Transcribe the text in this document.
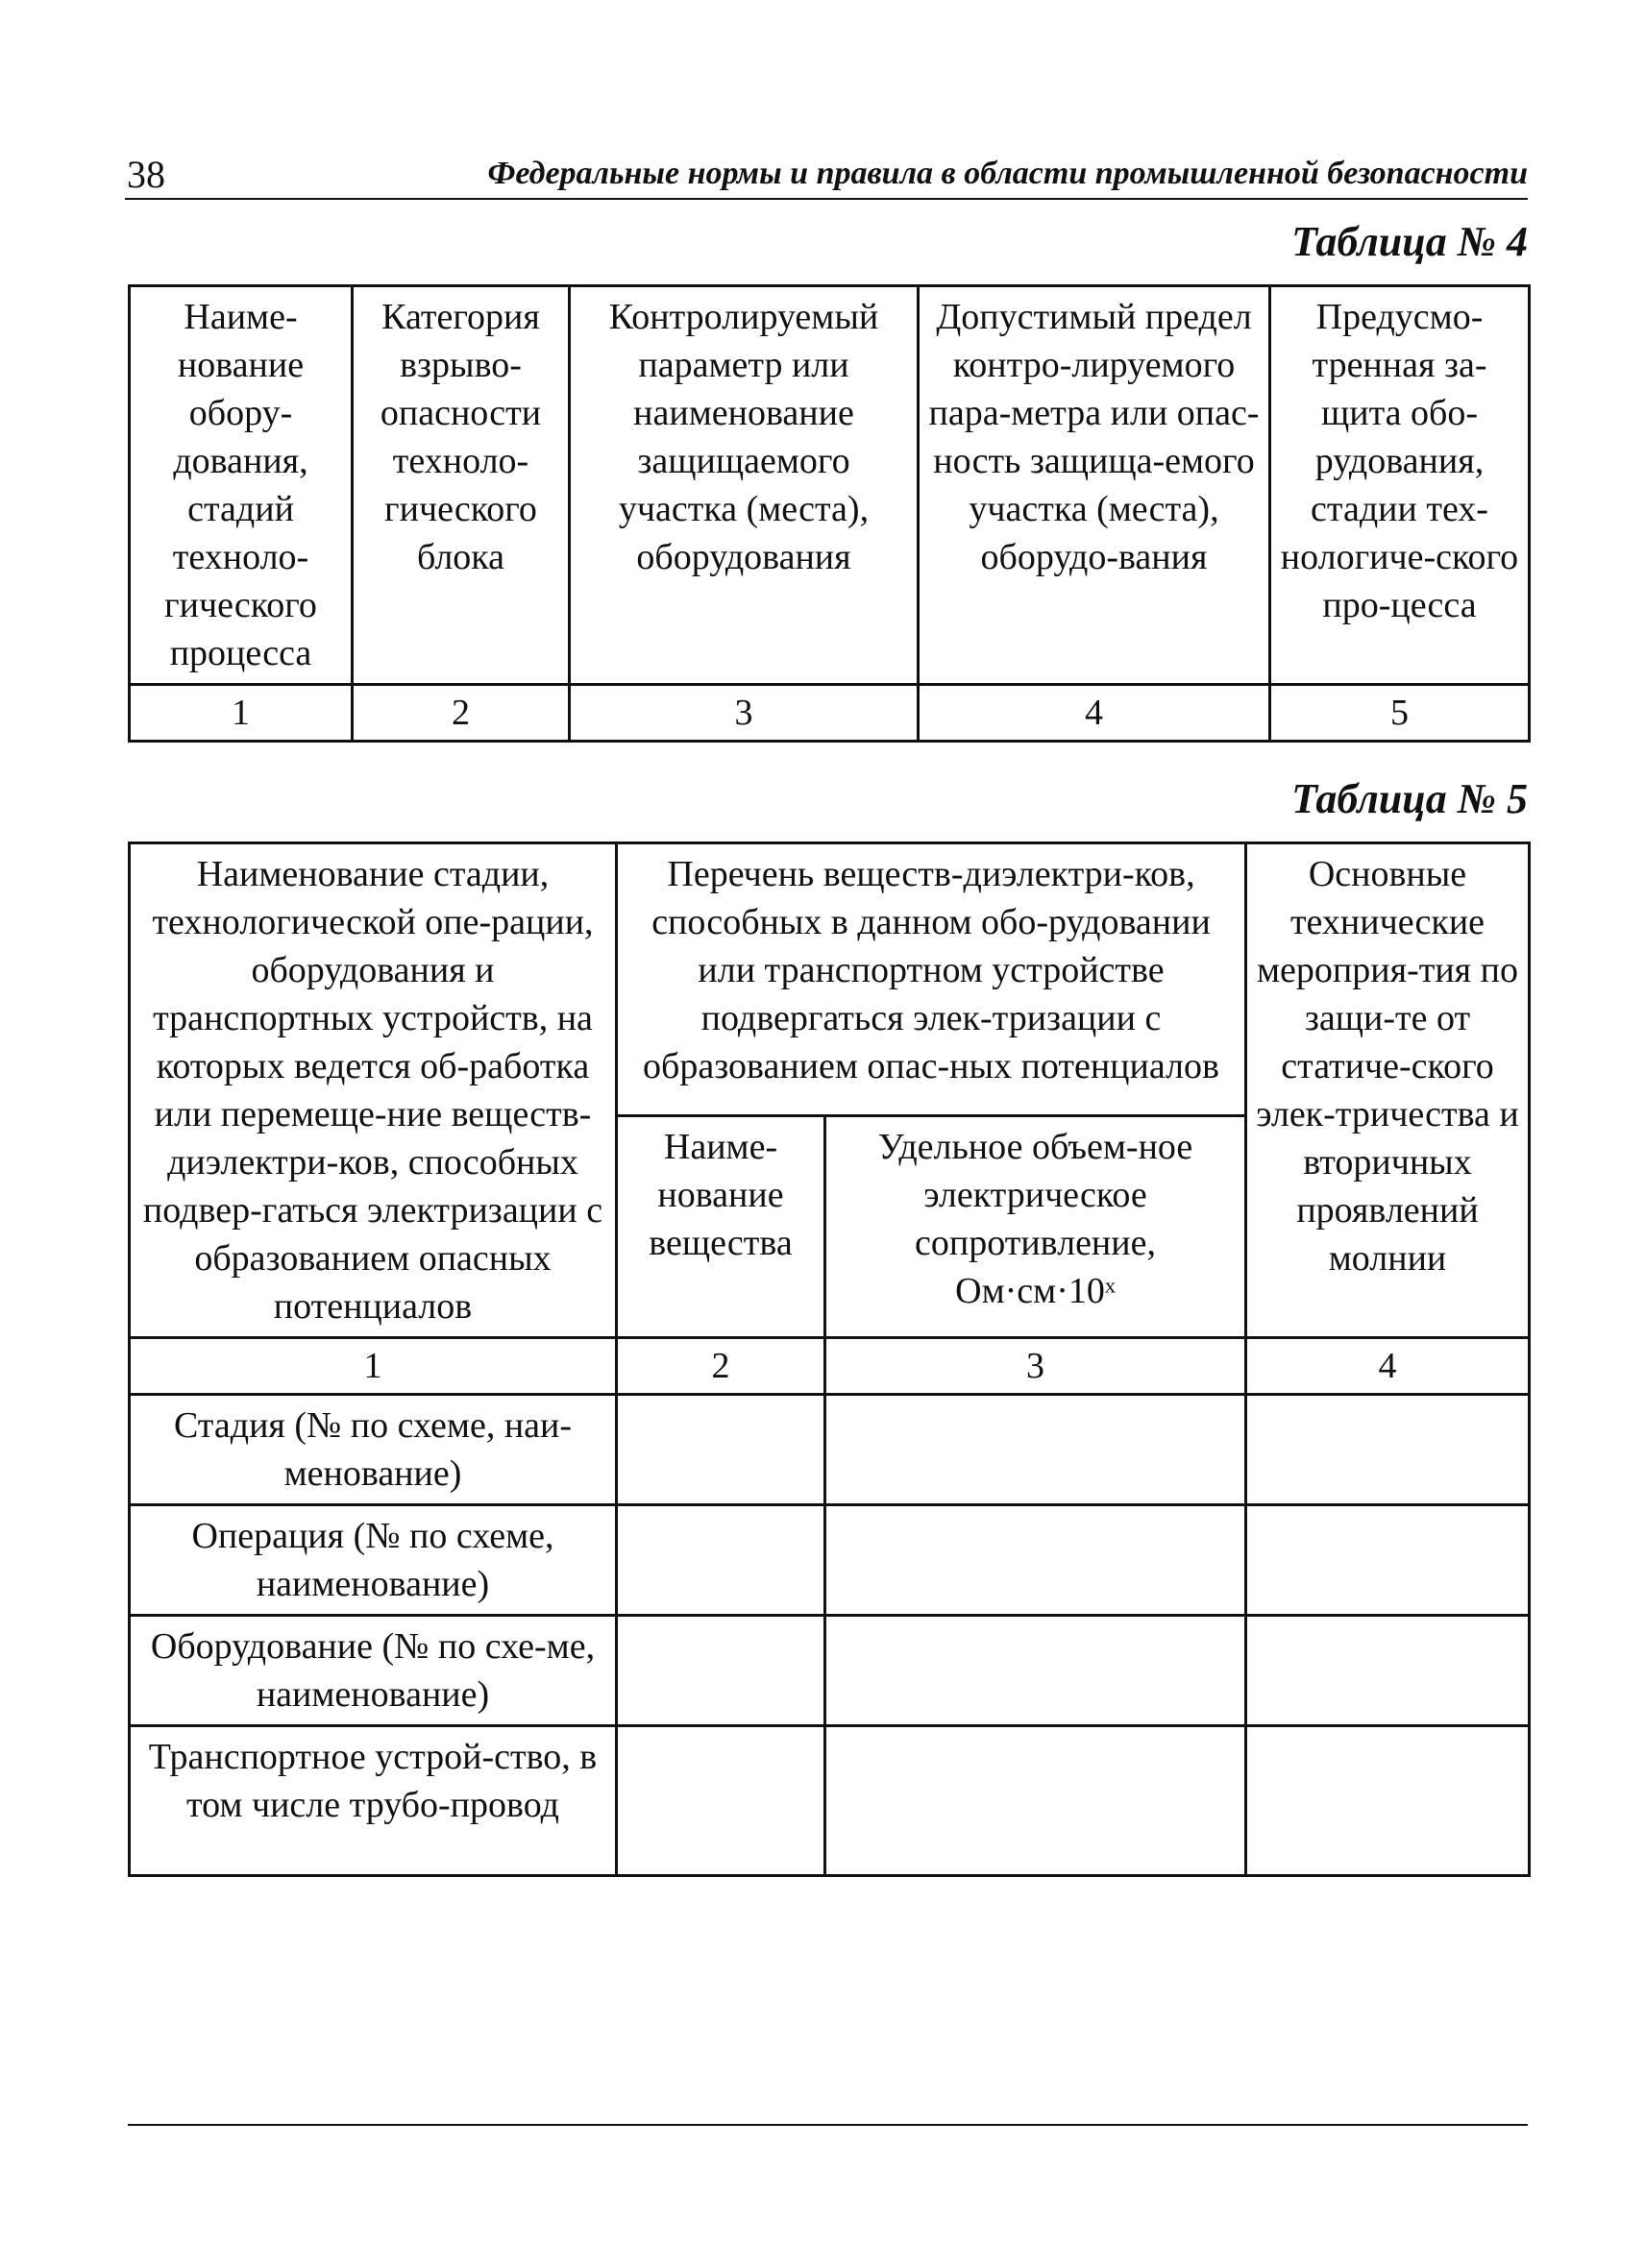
38	Федеральные нормы и правила в области промышленной безопасности
Таблица № 4
Наиме-нование обору-дования, стадий техноло-гического процесса	Категория взрыво-опасности техноло-гического блока	Контролируемый параметр или наименование защищаемого участка (места), оборудования	Допустимый предел контро-лируемого пара-метра или опас-ность защища-емого участка (места), оборудо-вания	Предусмо-тренная за-щита обо-рудования, стадии тех-нологиче-ского про-цесса
1	2	3	4	5
Таблица № 5
Наименование стадии, технологической опе-рации, оборудования и транспортных устройств, на которых ведется об-работка или перемеще-ние веществ-диэлектри-ков, способных подвер-гаться электризации с образованием опасных потенциалов	Перечень веществ-диэлектри-ков, способных в данном обо-рудовании или транспортном устройстве подвергаться элек-тризации с образованием опас-ных потенциалов		Основные технические мероприя-тия по защи-те от статиче-ского элек-тричества и вторичных проявлений молнии
	Наиме-нование вещества	Удельное объем-ное электрическое сопротивление, Ом·см·10ˣ	
1	2	3	4
Стадия (№ по схеме, наи-менование)			
Операция (№ по схеме, наименование)			
Оборудование (№ по схе-ме, наименование)			
Транспортное устрой-ство, в том числе трубо-провод			
